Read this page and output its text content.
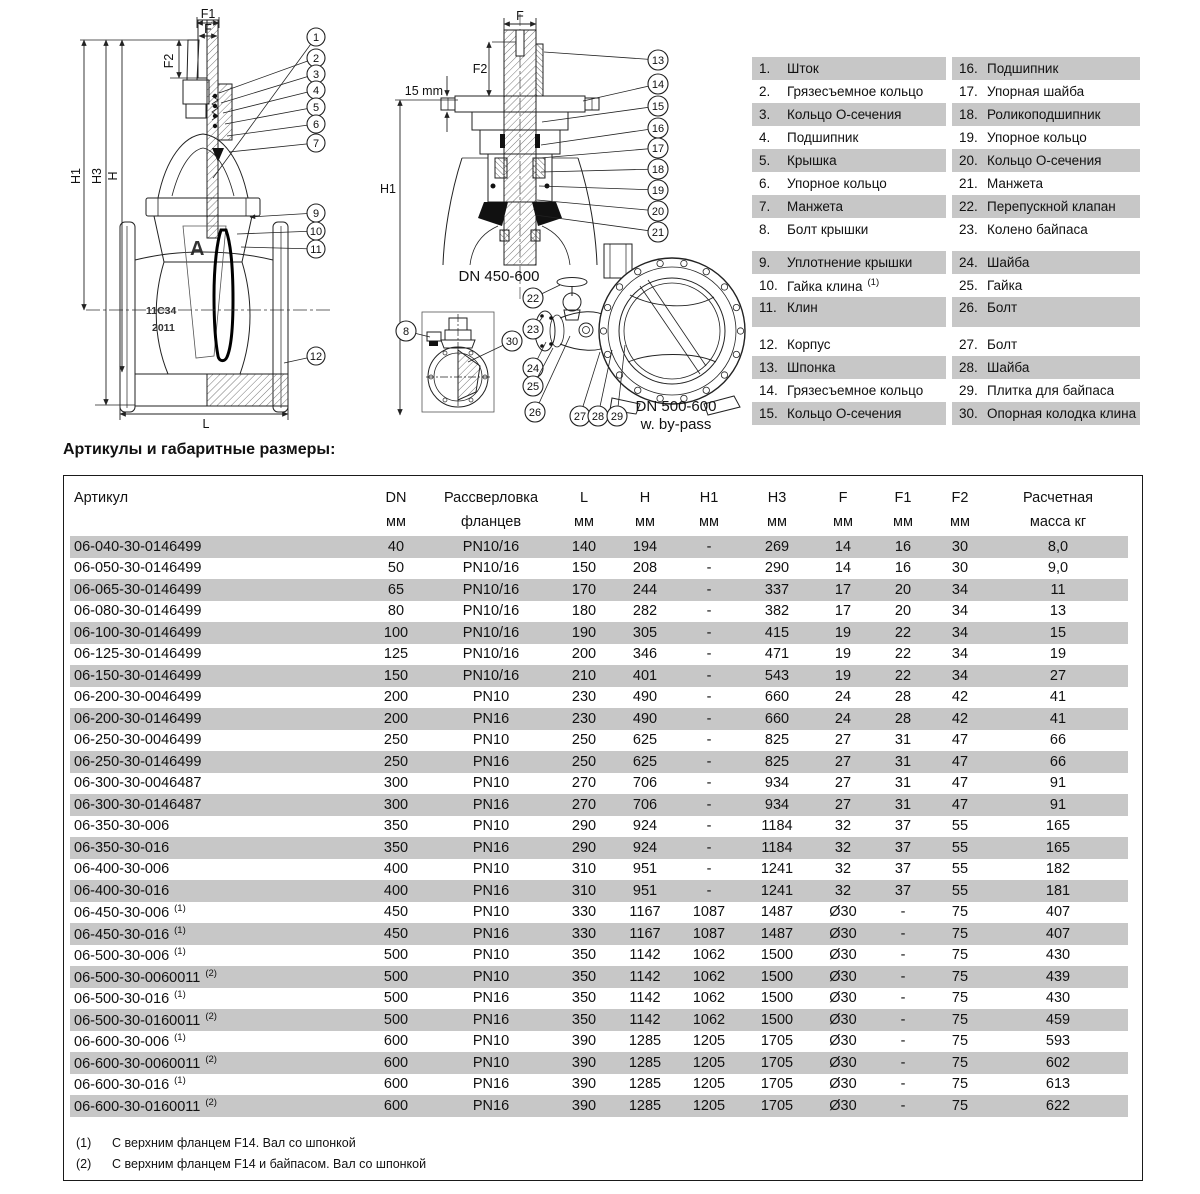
A
11C34
2011
1
2
3
4
5
6
7
9
10
11
12
F1
F
F2
H1 H3 H
L
DN 450-600
13
14
15
16
17
18
19
20
21
F
F2
15 mm
H1
8
30
DN 500-600
w. by-pass
22
23
24
25
26	27 28 29
1.	Шток	16. Подшипник
2.	Грязесъемное кольцо	17. Упорная шайба
3.	Кольцо О-сечения	18. Роликоподшипник
4.	Подшипник	19. Упорное кольцо
5.	Крышка	20. Кольцо О-сечения
6.	Упорное кольцо	21. Манжета
7.	Манжета	22. Перепускной клапан
8.	Болт крышки	23. Колено байпаса
9.	Уплотнение крышки	24. Шайба
10. Гайка клина $^{(1)}$	25. Гайка
11. Клин	26. Болт
12. Корпус	27. Болт
13. Шпонка	28. Шайба
14. Грязесъемное кольцо	29. Плитка для байпаса
15. Кольцо О-сечения	30. Опорная колодка клина
Артикулы и габаритные размеры:
Артикул	DN	Рассверловка	L	H	H1	H3	F	F1	F2	Расчетная
	мм	фланцев	мм	мм	мм	мм	мм	мм	мм	масса кг
06-040-30-0146499	40	PN10/16	140	194	-	269	14	16	30	8,0
06-050-30-0146499	50	PN10/16	150	208	-	290	14	16	30	9,0
06-065-30-0146499	65	PN10/16	170	244	-	337	17	20	34	11
06-080-30-0146499	80	PN10/16	180	282	-	382	17	20	34	13
06-100-30-0146499	100	PN10/16	190	305	-	415	19	22	34	15
06-125-30-0146499	125	PN10/16	200	346	-	471	19	22	34	19
06-150-30-0146499	150	PN10/16	210	401	-	543	19	22	34	27
06-200-30-0046499	200	PN10	230	490	-	660	24	28	42	41
06-200-30-0146499	200	PN16	230	490	-	660	24	28	42	41
06-250-30-0046499	250	PN10	250	625	-	825	27	31	47	66
06-250-30-0146499	250	PN16	250	625	-	825	27	31	47	66
06-300-30-0046487	300	PN10	270	706	-	934	27	31	47	91
06-300-30-0146487	300	PN16	270	706	-	934	27	31	47	91
06-350-30-006	350	PN10	290	924	-	1184	32	37	55	165
06-350-30-016	350	PN16	290	924	-	1184	32	37	55	165
06-400-30-006	400	PN10	310	951	-	1241	32	37	55	182
06-400-30-016	400	PN16	310	951	-	1241	32	37	55	181
06-450-30-006 $^{(1)}$	450	PN10	330	1167	1087	1487	Ø30	-	75	407
06-450-30-016 $^{(1)}$	450	PN16	330	1167	1087	1487	Ø30	-	75	407
06-500-30-006 $^{(1)}$	500	PN10	350	1142	1062	1500	Ø30	-	75	430
06-500-30-0060011 $^{(2)}$	500	PN10	350	1142	1062	1500	Ø30	-	75	439
06-500-30-016 $^{(1)}$	500	PN16	350	1142	1062	1500	Ø30	-	75	430
06-500-30-0160011 $^{(2)}$	500	PN16	350	1142	1062	1500	Ø30	-	75	459
06-600-30-006 $^{(1)}$	600	PN10	390	1285	1205	1705	Ø30	-	75	593
06-600-30-0060011 $^{(2)}$	600	PN10	390	1285	1205	1705	Ø30	-	75	602
06-600-30-016 $^{(1)}$	600	PN16	390	1285	1205	1705	Ø30	-	75	613
06-600-30-0160011 $^{(2)}$	600	PN16	390	1285	1205	1705	Ø30	-	75	622
(1)	С верхним фланцем F14. Вал со шпонкой
(2)	С верхним фланцем F14 и байпасом. Вал со шпонкой
